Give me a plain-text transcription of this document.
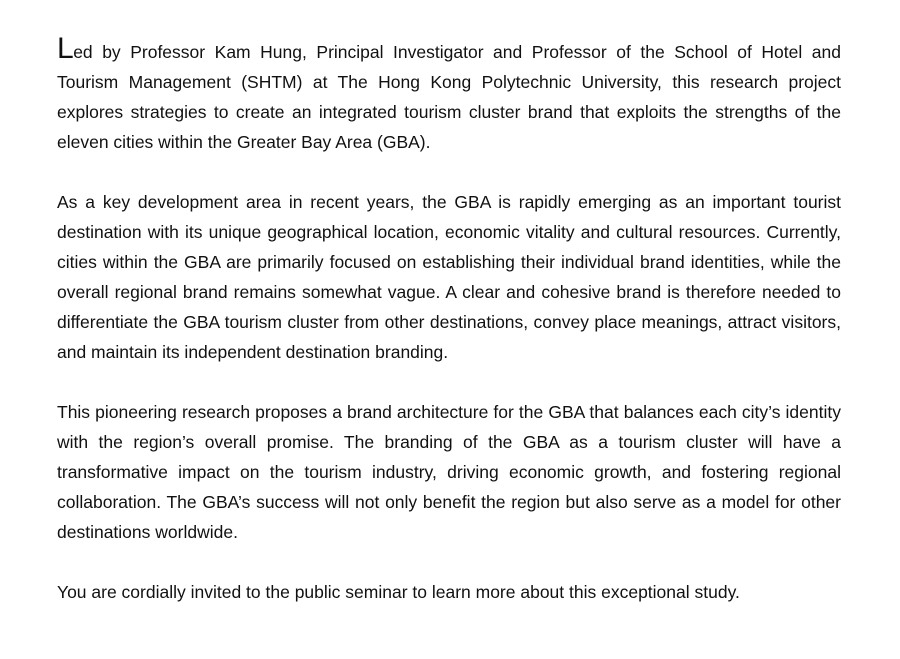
Led by Professor Kam Hung, Principal Investigator and Professor of the School of Hotel and Tourism Management (SHTM) at The Hong Kong Polytechnic University, this research project explores strategies to create an integrated tourism cluster brand that exploits the strengths of the eleven cities within the Greater Bay Area (GBA).

As a key development area in recent years, the GBA is rapidly emerging as an important tourist destination with its unique geographical location, economic vitality and cultural resources. Currently, cities within the GBA are primarily focused on establishing their individual brand identities, while the overall regional brand remains somewhat vague. A clear and cohesive brand is therefore needed to differentiate the GBA tourism cluster from other destinations, convey place meanings, attract visitors, and maintain its independent destination branding.

This pioneering research proposes a brand architecture for the GBA that balances each city’s identity with the region’s overall promise. The branding of the GBA as a tourism cluster will have a transformative impact on the tourism industry, driving economic growth, and fostering regional collaboration. The GBA’s success will not only benefit the region but also serve as a model for other destinations worldwide.

You are cordially invited to the public seminar to learn more about this exceptional study.
